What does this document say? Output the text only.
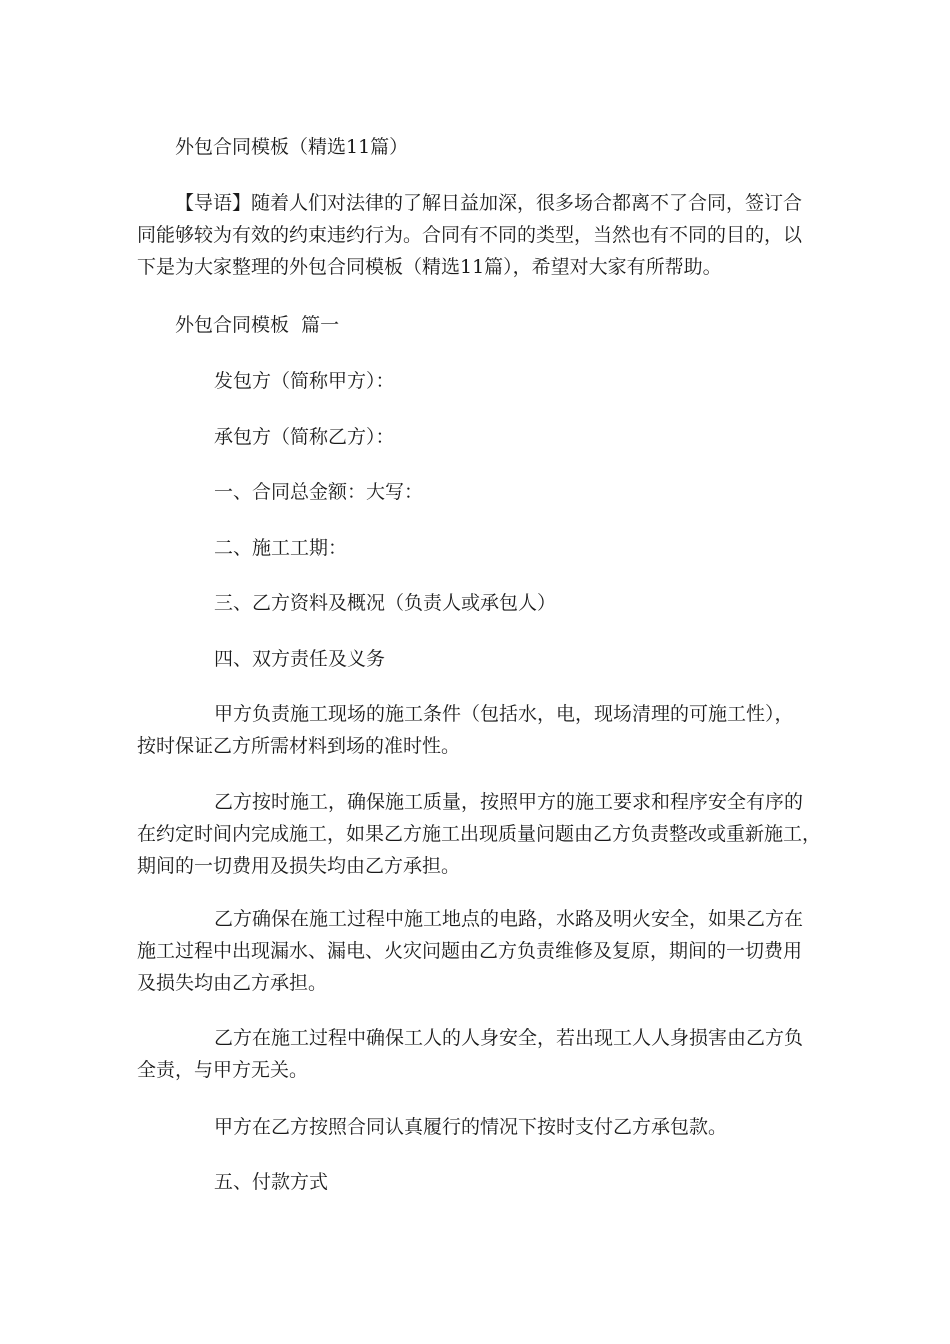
外包合同模板（精选11篇）

【导语】随着人们对法律的了解日益加深，很多场合都离不了合同，签订合

同能够较为有效的约束违约行为。合同有不同的类型，当然也有不同的目的，以

下是为大家整理的外包合同模板（精选11篇），希望对大家有所帮助。

外包合同模板  篇一
发包方（简称甲方）：
承包方（简称乙方）：
一、合同总金额：大写：
二、施工工期：
三、乙方资料及概况（负责人或承包人）
四、双方责任及义务

甲方负责施工现场的施工条件（包括水，电，现场清理的可施工性），

按时保证乙方所需材料到场的准时性。

乙方按时施工，确保施工质量，按照甲方的施工要求和程序安全有序的

在约定时间内完成施工，如果乙方施工出现质量问题由乙方负责整改或重新施工，

期间的一切费用及损失均由乙方承担。

乙方确保在施工过程中施工地点的电路，水路及明火安全，如果乙方在

施工过程中出现漏水、漏电、火灾问题由乙方负责维修及复原，期间的一切费用

及损失均由乙方承担。

乙方在施工过程中确保工人的人身安全，若出现工人人身损害由乙方负

全责，与甲方无关。

甲方在乙方按照合同认真履行的情况下按时支付乙方承包款。
五、付款方式
